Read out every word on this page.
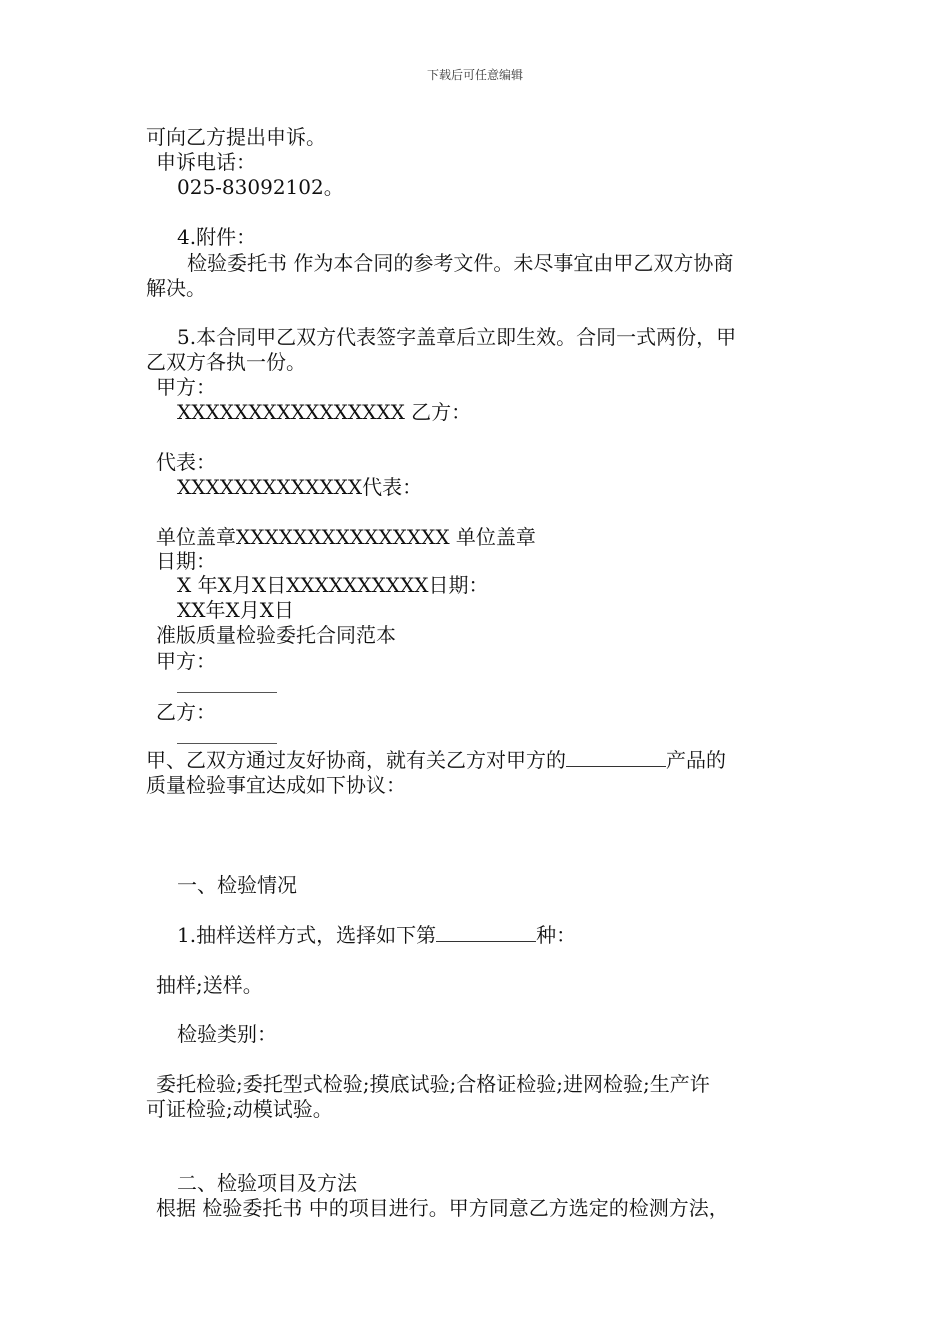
下载后可任意编辑
可向乙方提出申诉。
申诉电话：
025-83092102。
4.附件：
检验委托书 作为本合同的参考文件。未尽事宜由甲乙双方协商
解决。
5.本合同甲乙双方代表签字盖章后立即生效。合同一式两份，甲
乙双方各执一份。
甲方：
XXXXXXXXXXXXXXXX 乙方：
代表：
XXXXXXXXXXXXX代表：
单位盖章XXXXXXXXXXXXXXX 单位盖章
日期：
X 年X月X日XXXXXXXXXX日期：
XX年X月X日
准版质量检验委托合同范本
甲方：
乙方：
甲、乙双方通过友好协商，就有关乙方对甲方的	产品的
质量检验事宜达成如下协议：
一、检验情况
1.抽样送样方式，选择如下第	种：
抽样;送样。
检验类别：
委托检验;委托型式检验;摸底试验;合格证检验;进网检验;生产许
可证检验;动模试验。
二、检验项目及方法
根据 检验委托书 中的项目进行。甲方同意乙方选定的检测方法，
